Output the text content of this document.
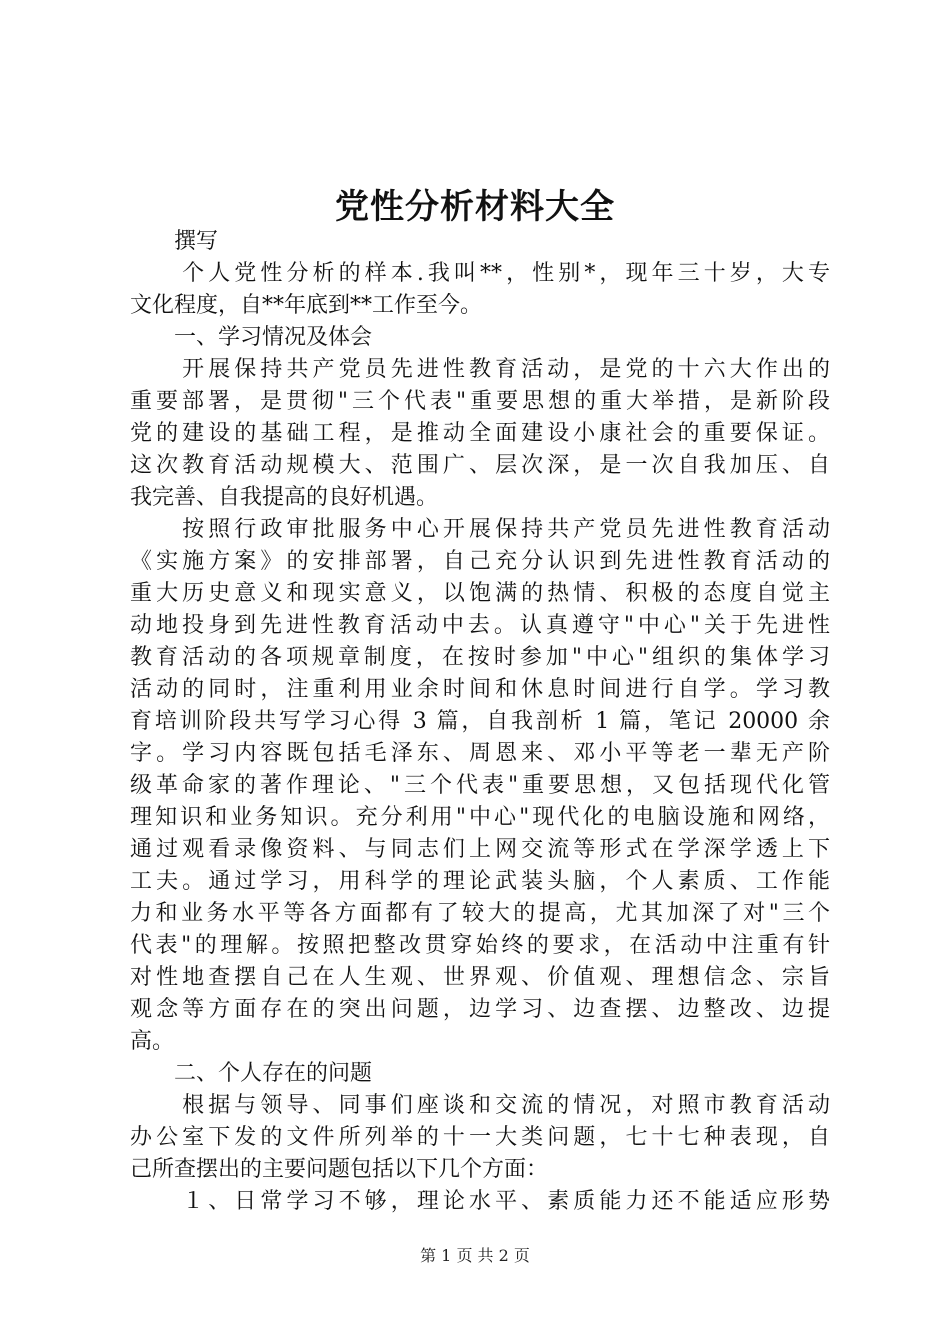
党性分析材料大全
　　撰写
　　个人党性分析的样本.我叫**，性别*，现年三十岁，大专
文化程度，自**年底到**工作至今。
　　一、学习情况及体会
　　开展保持共产党员先进性教育活动，是党的十六大作出的
重要部署，是贯彻"三个代表"重要思想的重大举措，是新阶段
党的建设的基础工程，是推动全面建设小康社会的重要保证。
这次教育活动规模大、范围广、层次深，是一次自我加压、自
我完善、自我提高的良好机遇。
　　按照行政审批服务中心开展保持共产党员先进性教育活动
《实施方案》的安排部署，自己充分认识到先进性教育活动的
重大历史意义和现实意义，以饱满的热情、积极的态度自觉主
动地投身到先进性教育活动中去。认真遵守"中心"关于先进性
教育活动的各项规章制度，在按时参加"中心"组织的集体学习
活动的同时，注重利用业余时间和休息时间进行自学。学习教
育培训阶段共写学习心得 3 篇，自我剖析 1 篇，笔记 20000 余
字。学习内容既包括毛泽东、周恩来、邓小平等老一辈无产阶
级革命家的著作理论、"三个代表"重要思想，又包括现代化管
理知识和业务知识。充分利用"中心"现代化的电脑设施和网络，
通过观看录像资料、与同志们上网交流等形式在学深学透上下
工夫。通过学习，用科学的理论武装头脑，个人素质、工作能
力和业务水平等各方面都有了较大的提高，尤其加深了对"三个
代表"的理解。按照把整改贯穿始终的要求，在活动中注重有针
对性地查摆自己在人生观、世界观、价值观、理想信念、宗旨
观念等方面存在的突出问题，边学习、边查摆、边整改、边提
高。
　　二、个人存在的问题
　　根据与领导、同事们座谈和交流的情况，对照市教育活动
办公室下发的文件所列举的十一大类问题，七十七种表现，自
己所查摆出的主要问题包括以下几个方面：
　　１、日常学习不够，理论水平、素质能力还不能适应形势
第 1 页 共 2 页
